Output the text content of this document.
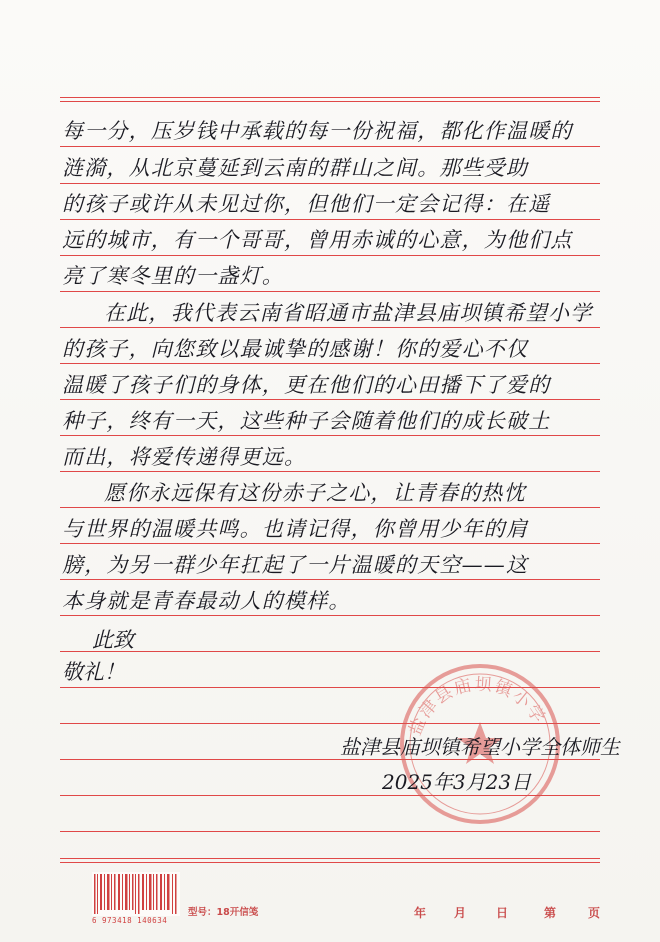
盐津县庙坝镇小学
每一分，压岁钱中承载的每一份祝福，都化作温暖的
涟漪，从北京蔓延到云南的群山之间。那些受助
的孩子或许从未见过你，但他们一定会记得：在遥
远的城市，有一个哥哥，曾用赤诚的心意，为他们点
亮了寒冬里的一盏灯。
在此，我代表云南省昭通市盐津县庙坝镇希望小学
的孩子，向您致以最诚挚的感谢！你的爱心不仅
温暖了孩子们的身体，更在他们的心田播下了爱的
种子，终有一天，这些种子会随着他们的成长破土
而出，将爱传递得更远。
愿你永远保有这份赤子之心，让青春的热忱
与世界的温暖共鸣。也请记得，你曾用少年的肩
膀，为另一群少年扛起了一片温暖的天空——这
本身就是青春最动人的模样。
此致
敬礼！
盐津县庙坝镇希望小学全体师生
2025年3月23日
6 973418 140634
型号：18开信笺	年 月 日	第	页
